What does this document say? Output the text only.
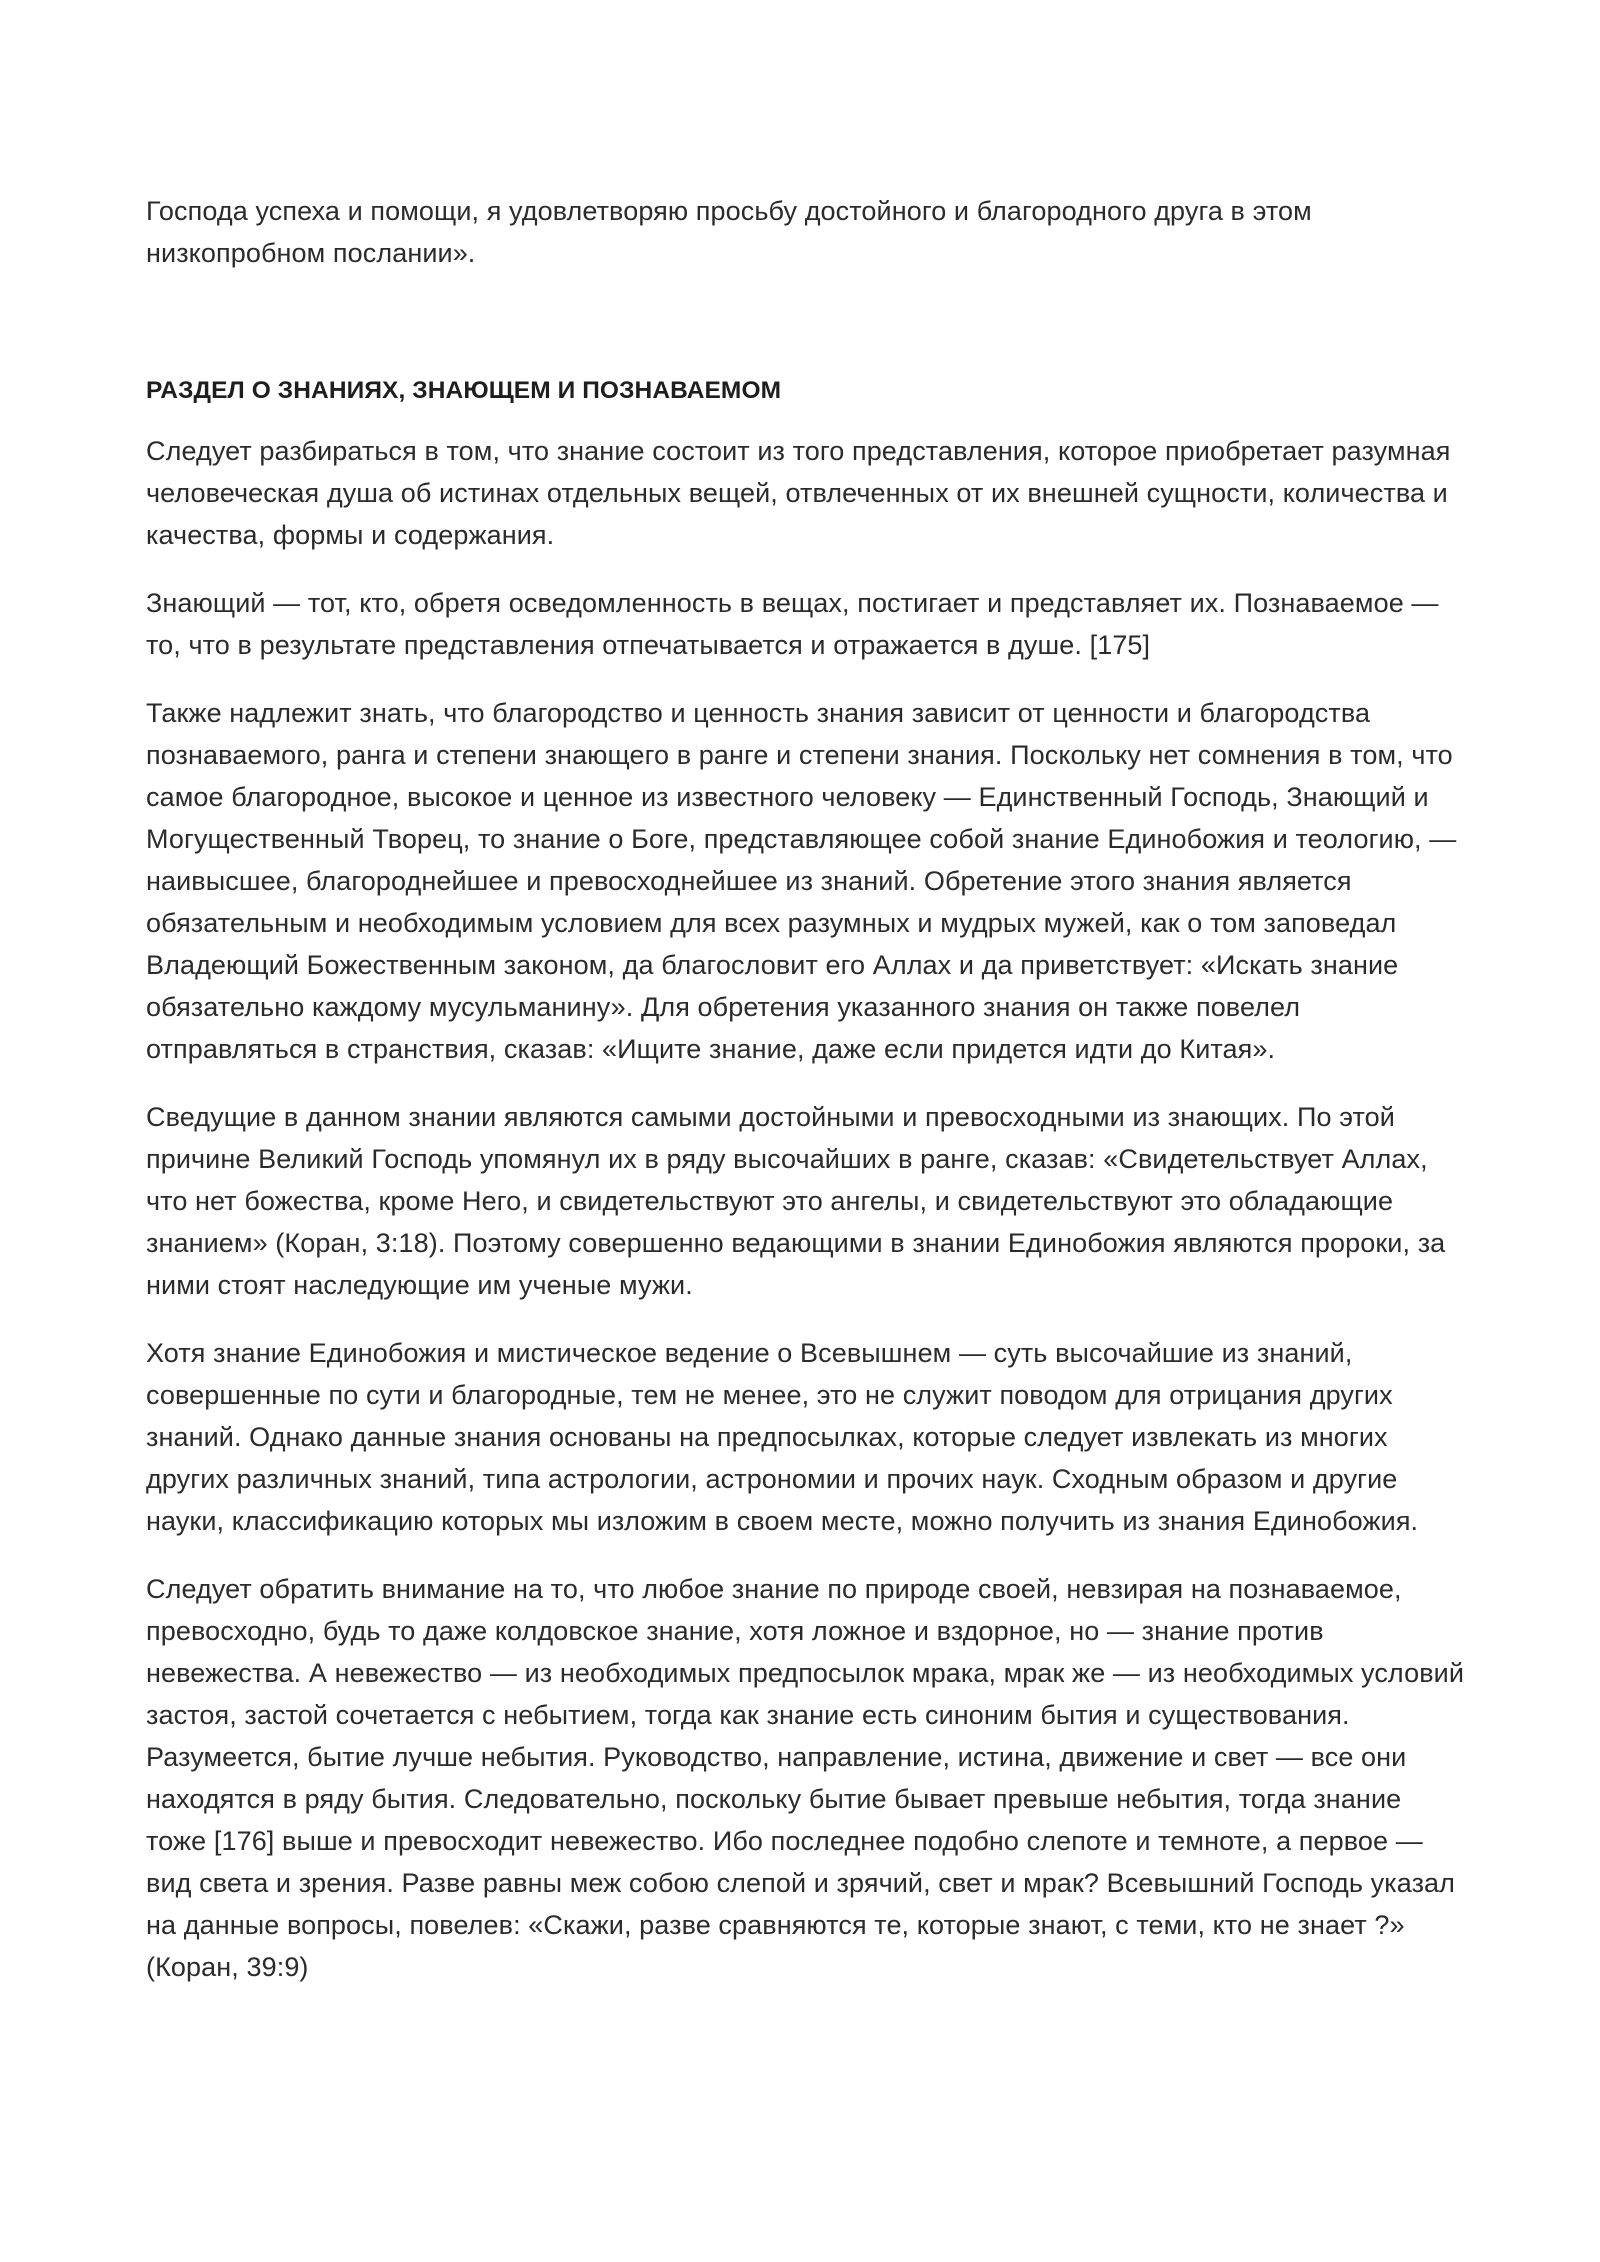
Господа успеха и помощи, я удовлетворяю просьбу достойного и благородного друга в этом низкопробном послании».

РАЗДЕЛ О ЗНАНИЯХ, ЗНАЮЩЕМ И ПОЗНАВАЕМОМ

Следует разбираться в том, что знание состоит из того представления, которое приобретает разумная человеческая душа об истинах отдельных вещей, отвлеченных от их внешней сущности, количества и качества, формы и содержания.

Знающий — тот, кто, обретя осведомленность в вещах, постигает и представляет их. Познаваемое — то, что в результате представления отпечатывается и отражается в душе. [175]

Также надлежит знать, что благородство и ценность знания зависит от ценности и благородства познаваемого, ранга и степени знающего в ранге и степени знания. Поскольку нет сомнения в том, что самое благородное, высокое и ценное из известного человеку — Единственный Господь, Знающий и Могущественный Творец, то знание о Боге, представляющее собой знание Единобожия и теологию, — наивысшее, благороднейшее и превосходнейшее из знаний. Обретение этого знания является обязательным и необходимым условием для всех разумных и мудрых мужей, как о том заповедал Владеющий Божественным законом, да благословит его Аллах и да приветствует: «Искать знание обязательно каждому мусульманину». Для обретения указанного знания он также повелел отправляться в странствия, сказав: «Ищите знание, даже если придется идти до Китая».

Сведущие в данном знании являются самыми достойными и превосходными из знающих. По этой причине Великий Господь упомянул их в ряду высочайших в ранге, сказав: «Свидетельствует Аллах, что нет божества, кроме Него, и свидетельствуют это ангелы, и свидетельствуют это обладающие знанием» (Коран, 3:18). Поэтому совершенно ведающими в знании Единобожия являются пророки, за ними стоят наследующие им ученые мужи.

Хотя знание Единобожия и мистическое ведение о Всевышнем — суть высочайшие из знаний, совершенные по сути и благородные, тем не менее, это не служит поводом для отрицания других знаний. Однако данные знания основаны на предпосылках, которые следует извлекать из многих других различных знаний, типа астрологии, астрономии и прочих наук. Сходным образом и другие науки, классификацию которых мы изложим в своем месте, можно получить из знания Единобожия.

Следует обратить внимание на то, что любое знание по природе своей, невзирая на познаваемое, превосходно, будь то даже колдовское знание, хотя ложное и вздорное, но — знание против невежества. А невежество — из необходимых предпосылок мрака, мрак же — из необходимых условий застоя, застой сочетается с небытием, тогда как знание есть синоним бытия и существования. Разумеется, бытие лучше небытия. Руководство, направление, истина, движение и свет — все они находятся в ряду бытия. Следовательно, поскольку бытие бывает превыше небытия, тогда знание тоже [176] выше и превосходит невежество. Ибо последнее подобно слепоте и темноте, а первое — вид света и зрения. Разве равны меж собою слепой и зрячий, свет и мрак? Всевышний Господь указал на данные вопросы, повелев: «Скажи, разве сравняются те, которые знают, с теми, кто не знает ?» (Коран, 39:9)
